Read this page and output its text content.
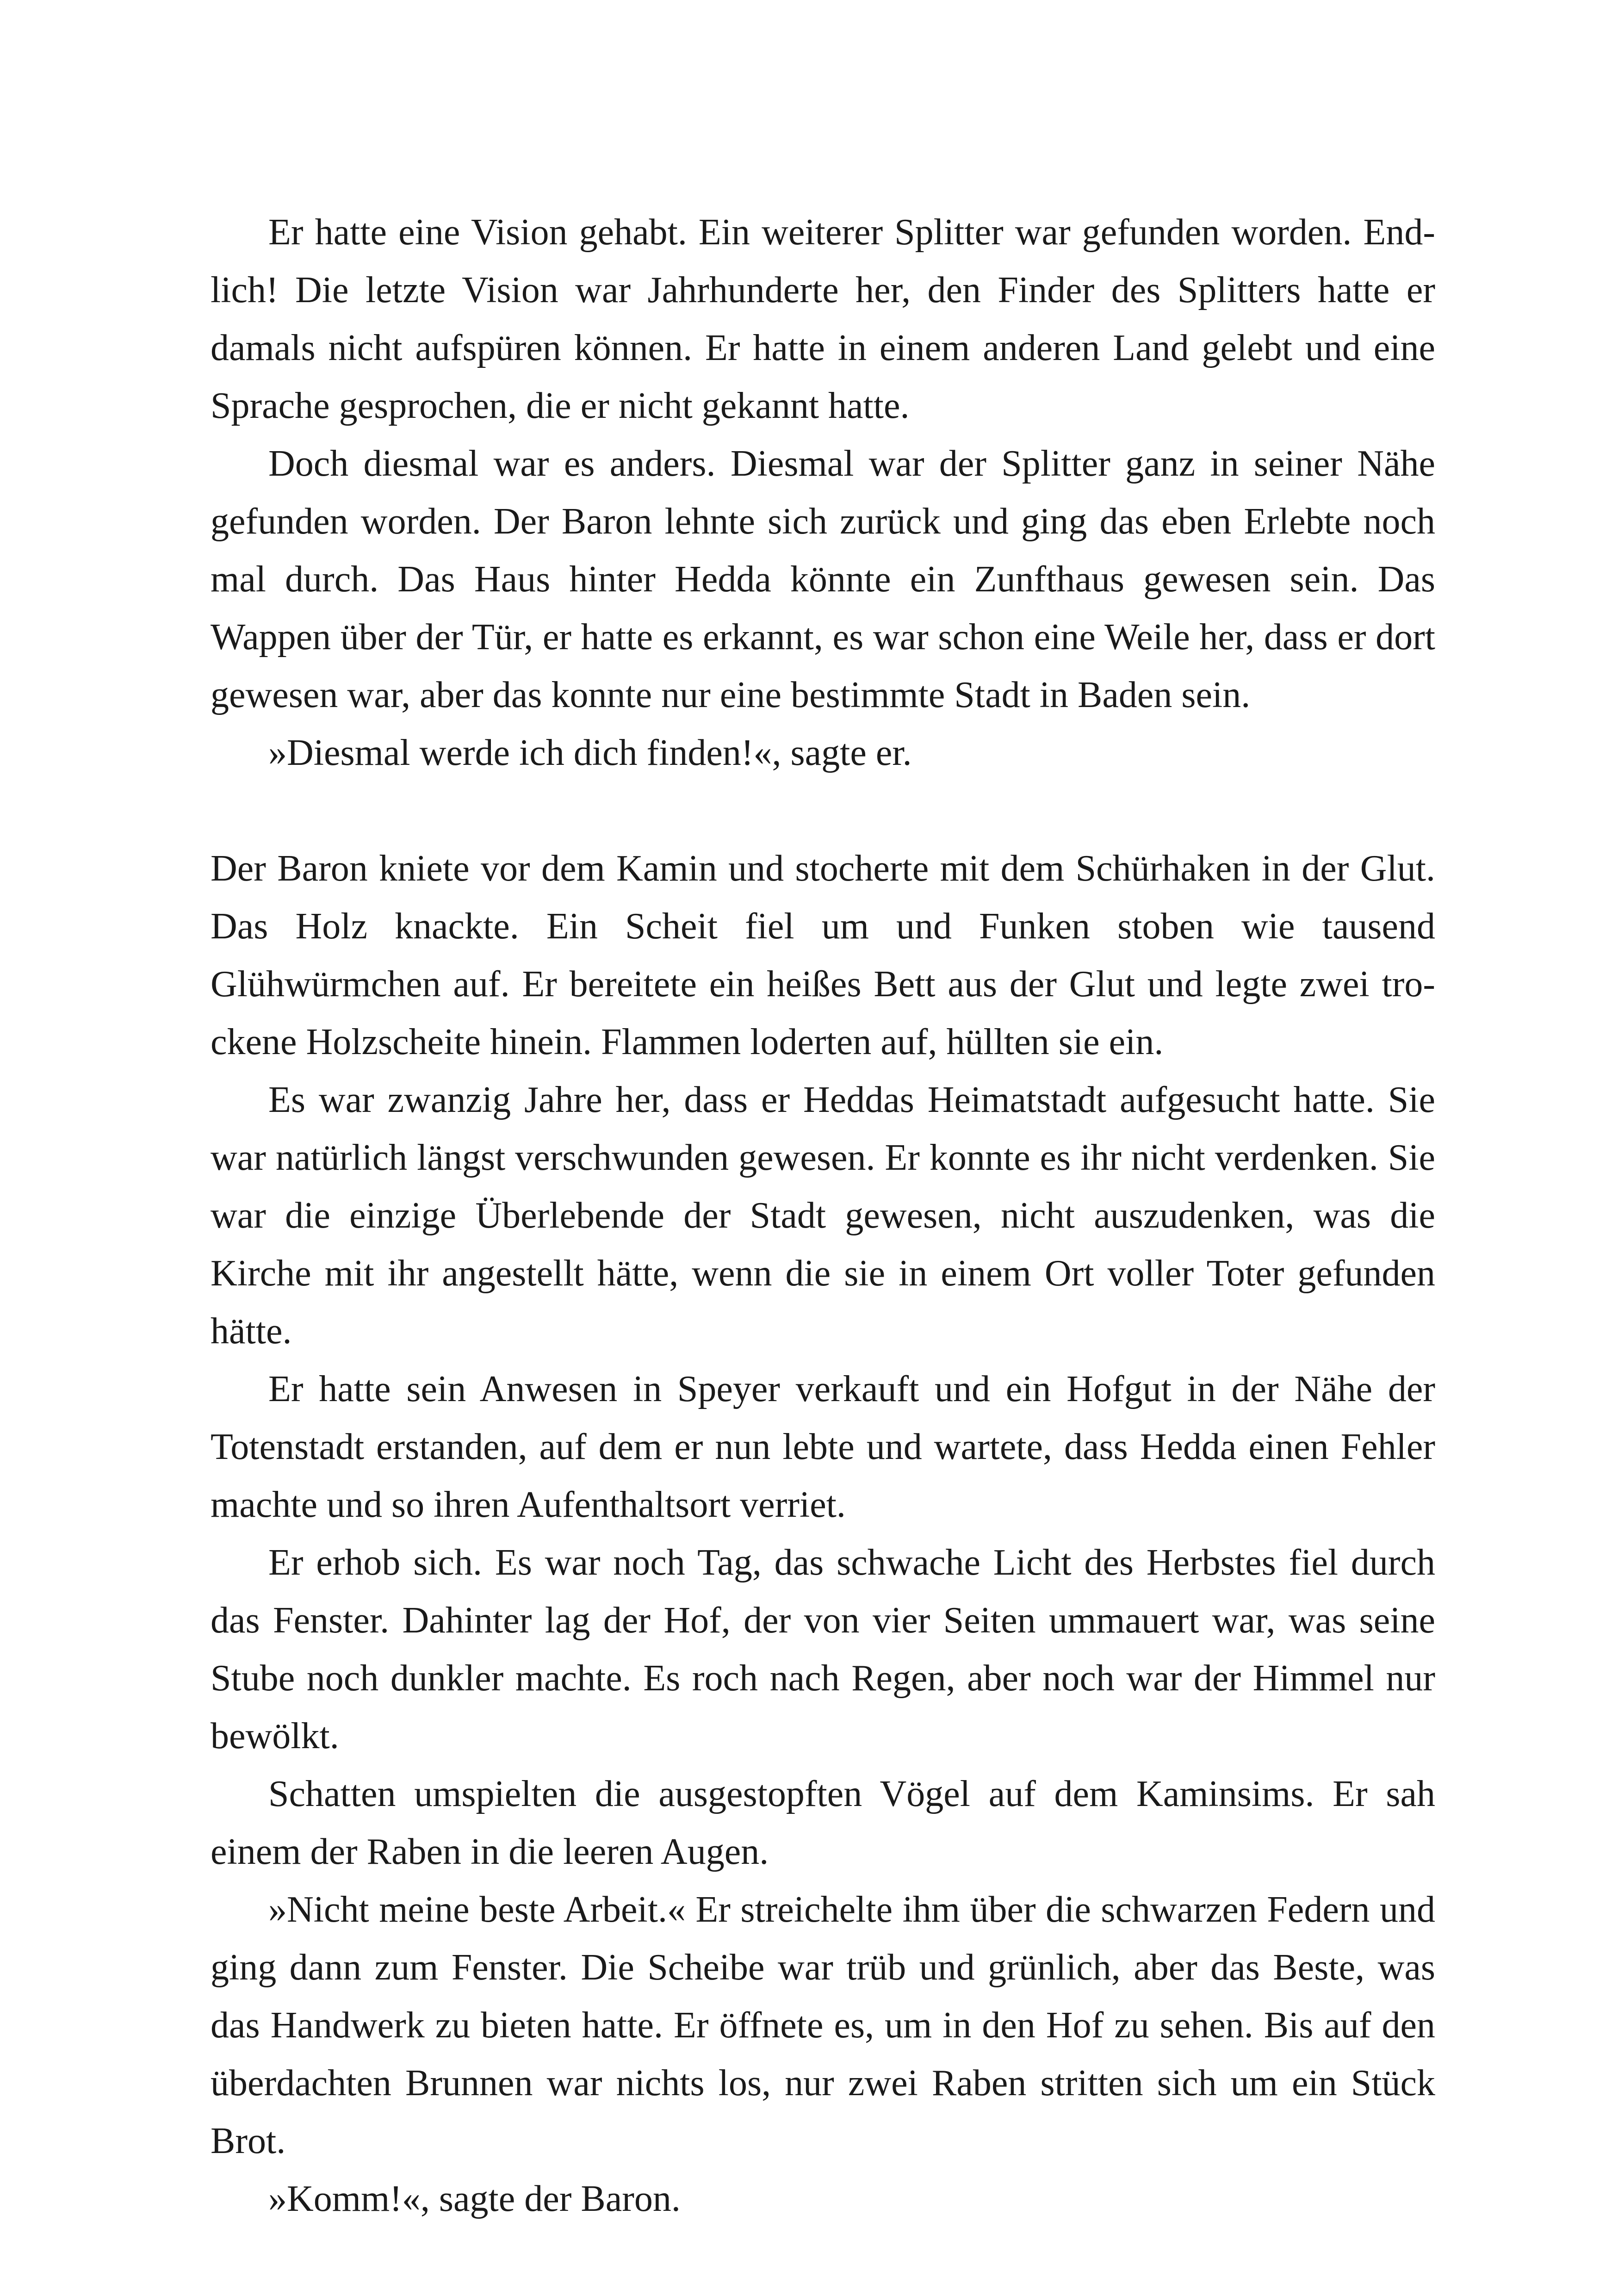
Er hatte eine Vision gehabt. Ein weiterer Splitter war gefunden worden. Endlich! Die letzte Vision war Jahrhunderte her, den Finder des Splitters hatte er damals nicht aufspüren können. Er hatte in einem anderen Land gelebt und eine Sprache gesprochen, die er nicht gekannt hatte.

Doch diesmal war es anders. Diesmal war der Splitter ganz in seiner Nähe gefunden worden. Der Baron lehnte sich zurück und ging das eben Erlebte noch mal durch. Das Haus hinter Hedda könnte ein Zunfthaus gewesen sein. Das Wappen über der Tür, er hatte es erkannt, es war schon eine Weile her, dass er dort gewesen war, aber das konnte nur eine bestimmte Stadt in Baden sein.

»Diesmal werde ich dich finden!«, sagte er.

Der Baron kniete vor dem Kamin und stocherte mit dem Schürhaken in der Glut. Das Holz knackte. Ein Scheit fiel um und Funken stoben wie tausend Glühwürmchen auf. Er bereitete ein heißes Bett aus der Glut und legte zwei trockene Holzscheite hinein. Flammen loderten auf, hüllten sie ein.

Es war zwanzig Jahre her, dass er Heddas Heimatstadt aufgesucht hatte. Sie war natürlich längst verschwunden gewesen. Er konnte es ihr nicht verdenken. Sie war die einzige Überlebende der Stadt gewesen, nicht auszudenken, was die Kirche mit ihr angestellt hätte, wenn die sie in einem Ort voller Toter gefunden hätte.

Er hatte sein Anwesen in Speyer verkauft und ein Hofgut in der Nähe der Totenstadt erstanden, auf dem er nun lebte und wartete, dass Hedda einen Fehler machte und so ihren Aufenthaltsort verriet.

Er erhob sich. Es war noch Tag, das schwache Licht des Herbstes fiel durch das Fenster. Dahinter lag der Hof, der von vier Seiten ummauert war, was seine Stube noch dunkler machte. Es roch nach Regen, aber noch war der Himmel nur bewölkt.

Schatten umspielten die ausgestopften Vögel auf dem Kaminsims. Er sah einem der Raben in die leeren Augen.

»Nicht meine beste Arbeit.« Er streichelte ihm über die schwarzen Federn und ging dann zum Fenster. Die Scheibe war trüb und grünlich, aber das Beste, was das Handwerk zu bieten hatte. Er öffnete es, um in den Hof zu sehen. Bis auf den überdachten Brunnen war nichts los, nur zwei Raben stritten sich um ein Stück Brot.

»Komm!«, sagte der Baron.
